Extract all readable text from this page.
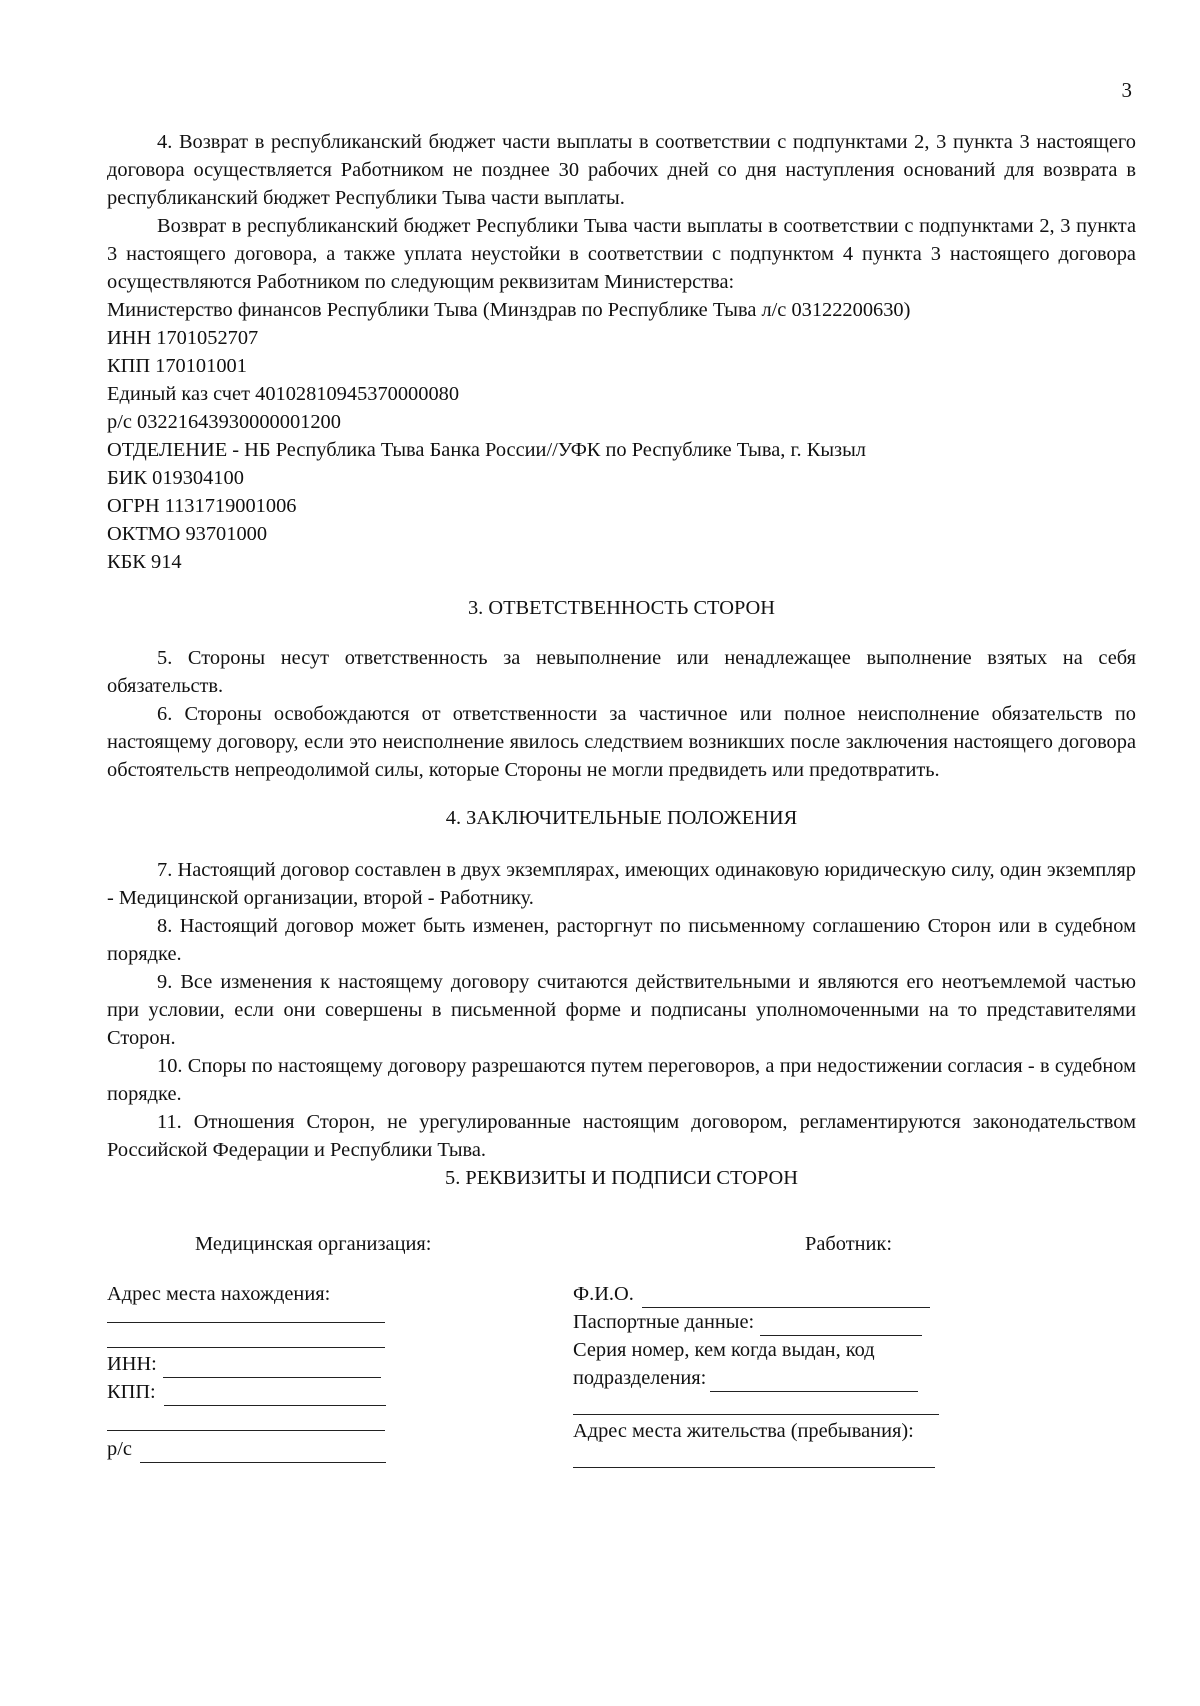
3

4. Возврат в республиканский бюджет части выплаты в соответствии с подпунктами 2, 3 пункта 3 настоящего договора осуществляется Работником не позднее 30 рабочих дней со дня наступления оснований для возврата в республиканский бюджет Республики Тыва части выплаты.

Возврат в республиканский бюджет Республики Тыва части выплаты в соответствии с подпунктами 2, 3 пункта 3 настоящего договора, а также уплата неустойки в соответствии с подпунктом 4 пункта 3 настоящего договора осуществляются Работником по следующим реквизитам Министерства:

Министерство финансов Республики Тыва (Минздрав по Республике Тыва л/с 03122200630)

ИНН 1701052707

КПП 170101001

Единый каз счет 40102810945370000080

р/с 03221643930000001200

ОТДЕЛЕНИЕ - НБ Республика Тыва Банка России//УФК по Республике Тыва, г. Кызыл

БИК 019304100

ОГРН 1131719001006

ОКТМО 93701000

КБК 914

3. ОТВЕТСТВЕННОСТЬ СТОРОН

5. Стороны несут ответственность за невыполнение или ненадлежащее выполнение взятых на себя обязательств.

6. Стороны освобождаются от ответственности за частичное или полное неисполнение обязательств по настоящему договору, если это неисполнение явилось следствием возникших после заключения настоящего договора обстоятельств непреодолимой силы, которые Стороны не могли предвидеть или предотвратить.

4. ЗАКЛЮЧИТЕЛЬНЫЕ ПОЛОЖЕНИЯ

7. Настоящий договор составлен в двух экземплярах, имеющих одинаковую юридическую силу, один экземпляр - Медицинской организации, второй - Работнику.

8. Настоящий договор может быть изменен, расторгнут по письменному соглашению Сторон или в судебном порядке.

9. Все изменения к настоящему договору считаются действительными и являются его неотъемлемой частью при условии, если они совершены в письменной форме и подписаны уполномоченными на то представителями Сторон.

10. Споры по настоящему договору разрешаются путем переговоров, а при недостижении согласия - в судебном порядке.

11. Отношения Сторон, не урегулированные настоящим договором, регламентируются законодательством Российской Федерации и Республики Тыва.

5. РЕКВИЗИТЫ И ПОДПИСИ СТОРОН

Медицинская организация:

Адрес места нахождения:

ИНН:

КПП:

р/с

Работник:

Ф.И.О.

Паспортные данные:

Серия номер, кем когда выдан, код

подразделения:

Адрес места жительства (пребывания):
